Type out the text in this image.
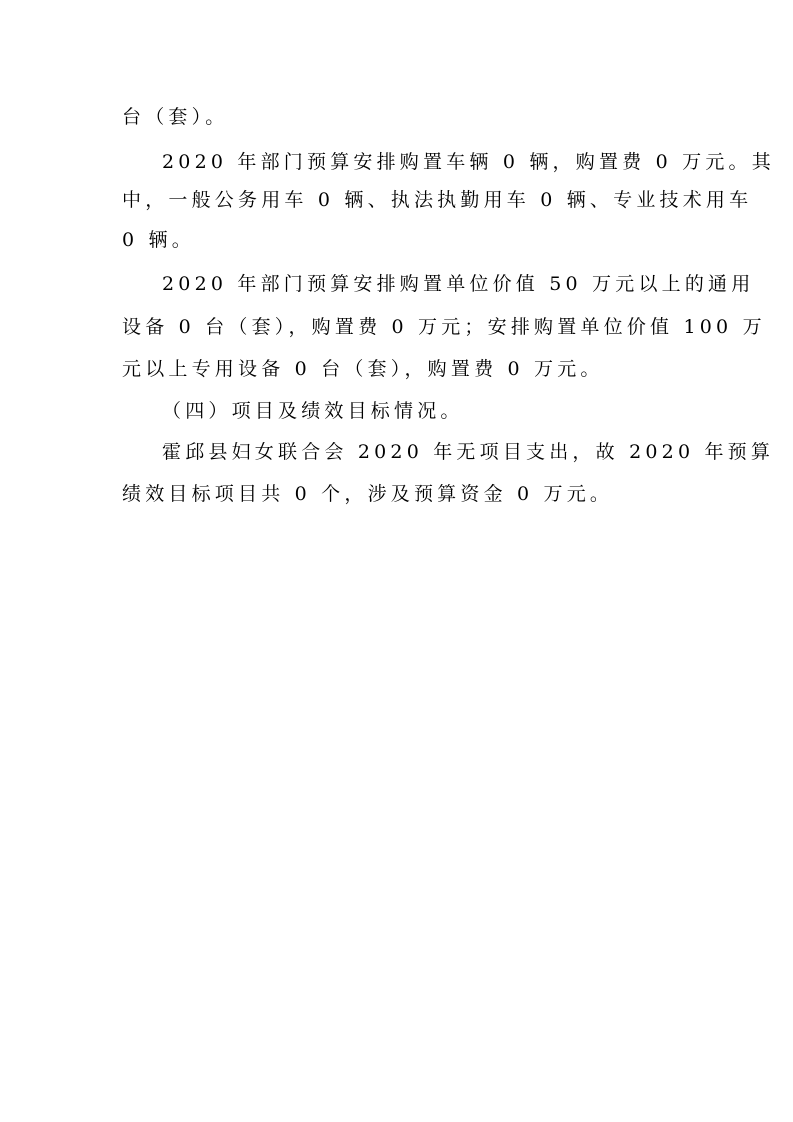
台（套）。
2020 年部门预算安排购置车辆 0 辆，购置费 0 万元。其
中，一般公务用车 0 辆、执法执勤用车 0 辆、专业技术用车
0 辆。
2020 年部门预算安排购置单位价值 50 万元以上的通用
设备 0 台（套），购置费 0 万元；安排购置单位价值 100 万
元以上专用设备 0 台（套），购置费 0 万元。
（四）项目及绩效目标情况。
霍邱县妇女联合会 2020 年无项目支出，故 2020 年预算
绩效目标项目共 0 个，涉及预算资金 0 万元。
